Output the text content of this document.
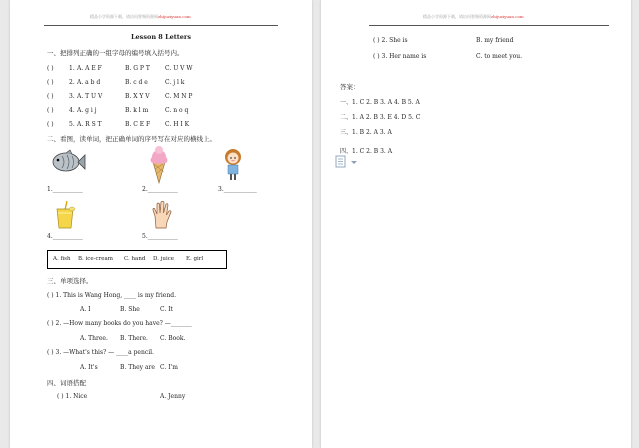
精品小学资源下载，请访问智聚资源网zhijuziyuan.com
Lesson 8 Letters
一、把排列正确的一组字母的编号填入括号内。
( )	1. A. A E F	B. G P T	C. U V W
( )	2. A. a b d	B. c d e	C. j l k
( )	3. A. T U V	B. X Y V	C. M N P
( )	4. A. g i j	B. k l m	C. n o q
( )	5. A. R S T	B. C E F C. H I K
二、看图，读单词，把正确单词的序号写在对应的横线上。
1.__________	2.__________	3.___________
4.__________	5.__________
A. fish B. ice-cream C. hand D. juice E. girl
三、单项选择。
( ) 1. This is Wang Hong, ____ is my friend.
A. I	B. She	C. It
( ) 2. —How many books do you have? —_______
A. Three. B. There. C. Book.
( ) 3. —What's this? — ____a pencil.
A. It's	B. They are C. I'm
四、词语搭配
( ) 1. Nice	A. Jenny
精品小学资源下载，请访问智聚资源网zhijuziyuan.com
( ) 2. She is	B. my friend
( ) 3. Her name is	C. to meet you.
答案：
一、1. C 2. B 3. A 4. B 5. A
二、1. A 2. B 3. E 4. D 5. C
三、1. B 2. A 3. A
四、1. C 2. B 3. A
